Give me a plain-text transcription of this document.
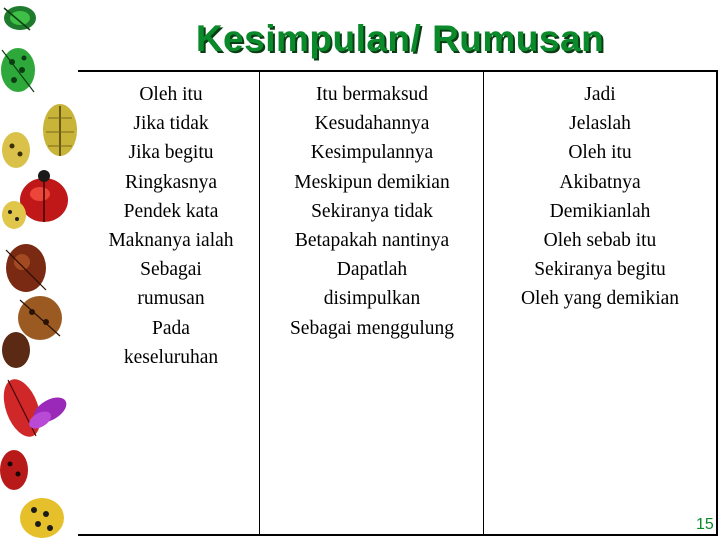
Kesimpulan/ Rumusan
Oleh itu
Jika tidak
Jika begitu
Ringkasnya
Pendek kata
Maknanya ialah
Sebagai
rumusan
Pada
keseluruhan
Itu bermaksud
Kesudahannya
Kesimpulannya
Meskipun demikian
Sekiranya tidak
Betapakah nantinya
Dapatlah
disimpulkan
Sebagai menggulung
Jadi
Jelaslah
Oleh itu
Akibatnya
Demikianlah
Oleh sebab itu
Sekiranya begitu
Oleh yang demikian
15
